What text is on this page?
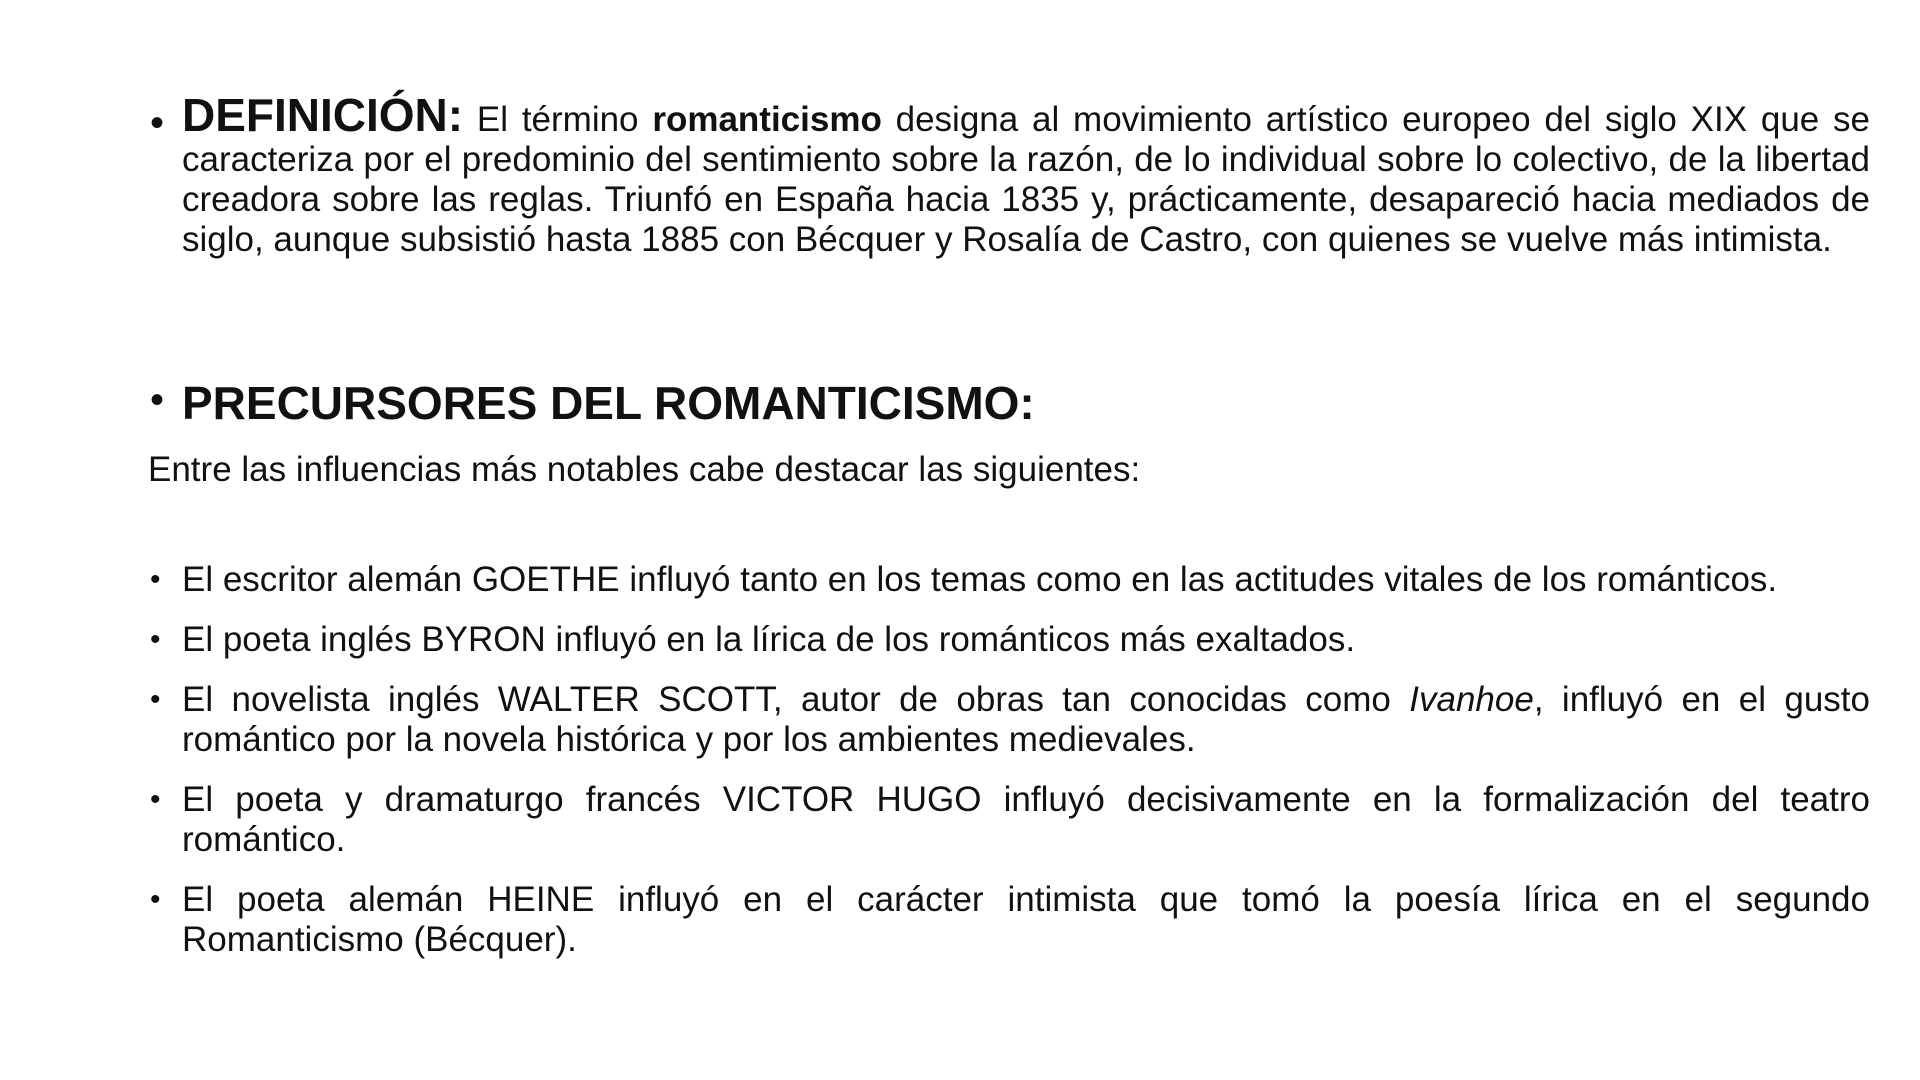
• DEFINICIÓN: El término romanticismo designa al movimiento artístico europeo del siglo XIX que se caracteriza por el predominio del sentimiento sobre la razón, de lo individual sobre lo colectivo, de la libertad creadora sobre las reglas. Triunfó en España hacia 1835 y, prácticamente, desapareció hacia mediados de siglo, aunque subsistió hasta 1885 con Bécquer y Rosalía de Castro, con quienes se vuelve más intimista.
• PRECURSORES DEL ROMANTICISMO:
Entre las influencias más notables cabe destacar las siguientes:
• El escritor alemán GOETHE influyó tanto en los temas como en las actitudes vitales de los románticos.
• El poeta inglés BYRON influyó en la lírica de los románticos más exaltados.
• El novelista inglés WALTER SCOTT, autor de obras tan conocidas como Ivanhoe, influyó en el gusto romántico por la novela histórica y por los ambientes medievales.
• El poeta y dramaturgo francés VICTOR HUGO influyó decisivamente en la formalización del teatro romántico.
• El poeta alemán HEINE influyó en el carácter intimista que tomó la poesía lírica en el segundo Romanticismo (Bécquer).
